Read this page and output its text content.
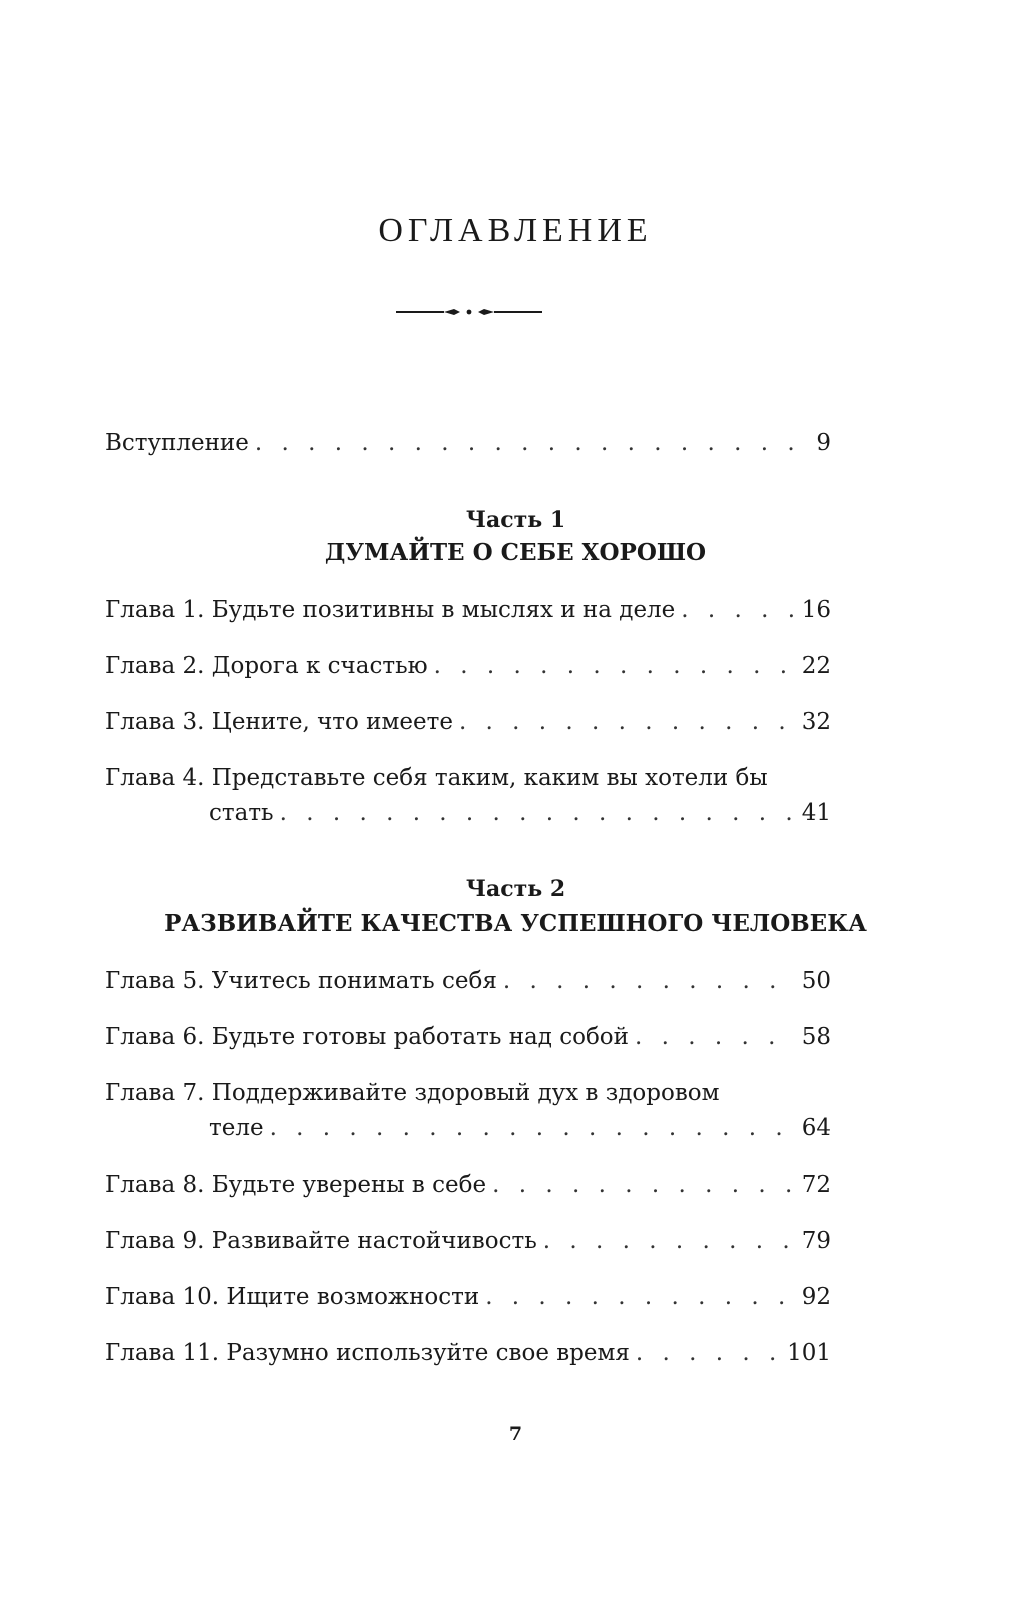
ОГЛАВЛЕНИЕ
Вступление . . .	9
Часть 1
ДУМАЙТЕ О СЕБЕ ХОРОШО
Глава 1. Будьте позитивны в мыслях и на деле . . .	16
Глава 2. Дорога к счастью . . .	22
Глава 3. Цените, что имеете . . .	32
Глава 4. Представьте себя таким, каким вы хотели бы
стать . . .	41
Часть 2
РАЗВИВАЙТЕ КАЧЕСТВА УСПЕШНОГО ЧЕЛОВЕКА
Глава 5. Учитесь понимать себя . . .	50
Глава 6. Будьте готовы работать над собой . . .	58
Глава 7. Поддерживайте здоровый дух в здоровом
теле . . .	64
Глава 8. Будьте уверены в себе . . .	72
Глава 9. Развивайте настойчивость . . .	79
Глава 10. Ищите возможности . . .	92
Глава 11. Разумно используйте свое время . . .	101
7
